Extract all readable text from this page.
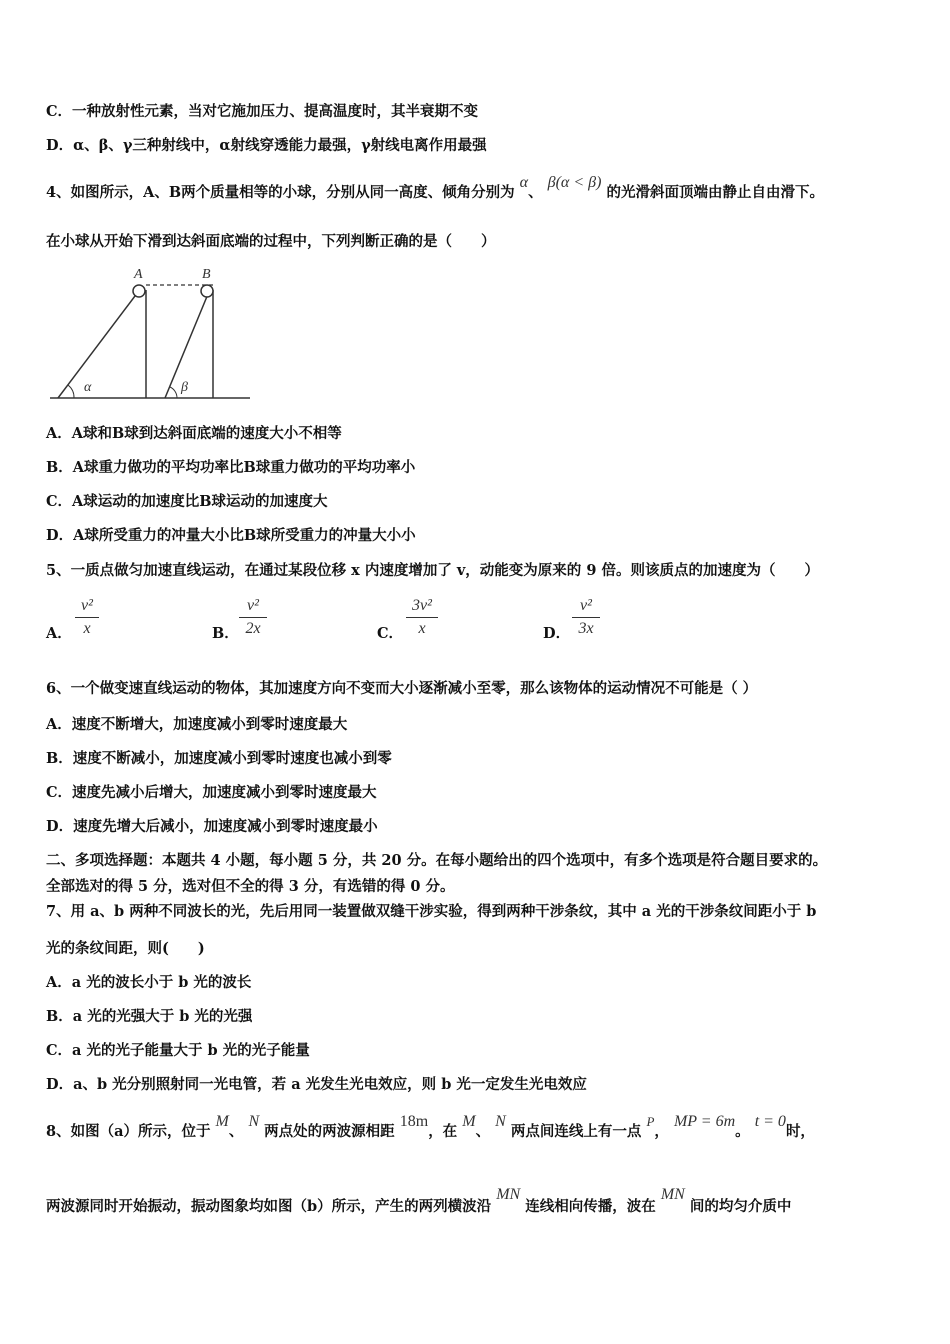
C．一种放射性元素，当对它施加压力、提高温度时，其半衰期不变
D．α、β、γ三种射线中，α射线穿透能力最强，γ射线电离作用最强
4、如图所示，A、B两个质量相等的小球，分别从同一高度、倾角分别为 α、 β(α < β) 的光滑斜面顶端由静止自由滑下。
在小球从开始下滑到达斜面底端的过程中，下列判断正确的是（　　）
A	B
α	β
A．A球和B球到达斜面底端的速度大小不相等
B．A球重力做功的平均功率比B球重力做功的平均功率小
C．A球运动的加速度比B球运动的加速度大
D．A球所受重力的冲量大小比B球所受重力的冲量大小小
5、一质点做匀加速直线运动，在通过某段位移 x 内速度增加了 v，动能变为原来的 9 倍。则该质点的加速度为（　　）
A．
v²
x	B．
v²
2x	C．
3v²
x	D．
v²
3x
6、一个做变速直线运动的物体，其加速度方向不变而大小逐渐减小至零，那么该物体的运动情况不可能是（ ）
A．速度不断增大，加速度减小到零时速度最大
B．速度不断减小，加速度减小到零时速度也减小到零
C．速度先减小后增大，加速度减小到零时速度最大
D．速度先增大后减小，加速度减小到零时速度最小
二、多项选择题：本题共 4 小题，每小题 5 分，共 20 分。在每小题给出的四个选项中，有多个选项是符合题目要求的。
全部选对的得 5 分，选对但不全的得 3 分，有选错的得 0 分。
7、用 a、b 两种不同波长的光，先后用同一装置做双缝干涉实验，得到两种干涉条纹，其中 a 光的干涉条纹间距小于 b
光的条纹间距，则(　　)
A．a 光的波长小于 b 光的波长
B．a 光的光强大于 b 光的光强
C．a 光的光子能量大于 b 光的光子能量
D．a、b 光分别照射同一光电管，若 a 光发生光电效应，则 b 光一定发生光电效应
8、如图（a）所示，位于 M、 N 两点处的两波源相距 18m，在 M、 N 两点间连线上有一点 P， MP = 6m。 t = 0时，
两波源同时开始振动，振动图象均如图（b）所示，产生的两列横波沿 MN 连线相向传播，波在 MN 间的均匀介质中
